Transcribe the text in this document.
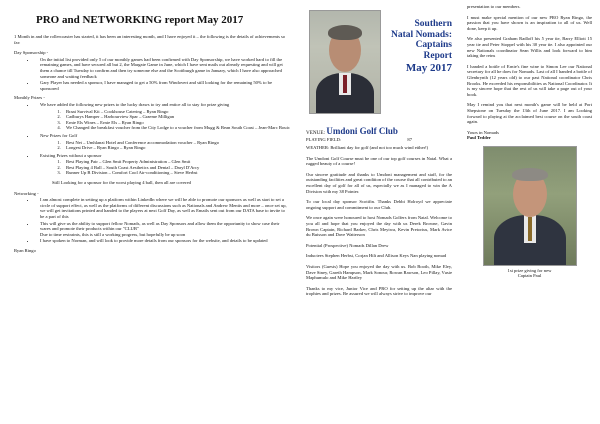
PRO and NETWORKING report May 2017

1 Month in and the rollercoaster has started, it has been an interesting month, and I have enjoyed it – the following is the details of achievements so far:

Day Sponsorship -

• On the initial list provided only 5 of our monthly games had been confirmed with Day Sponsorship, we have worked hard to fill the remaining games, and have secured all but 2, the Margate Game in June, which I have sent mails out already requesting and will get them a chance till Tuesday to confirm and then try someone else and the Scottburgh game in January, which I have also approached someone and waiting feedback
• Gary Player has needed a sponsor, I have managed to get a 50% from Windovert and still looking for the remaining 50% to be sponsored

Monthly Prizes -

• We have added the following new prizes to the lucky draws to try and entice all to stay for prize giving
1. Braai Survival Kit – Cookhouse Catering – Ryan Ringo
2. Cadburys Hamper – Harbourview Spar – Graeme Milligan
3. Ernie Els Wines – Ernie Els – Ryan Ringo
4. We Changed the breakfast voucher from the City Lodge to a voucher from Mugg & Bean South Coast – Jean-Marc Bouic
• New Prizes for Golf
1. Best Net – Umhlanzi Hotel and Conference accommodation voucher – Ryan Ringo
2. Longest Drive – Ryan Ringo – Ryan Ringo
• Existing Prizes without a sponsor
1. Best Playing Pair – Glen Smit Property Administration – Glen Smit
2. Best Playing 4 Ball – South Coast Aesthetics and Dental – Daryl D'Arcy
3. Runner Up B Division – Comfort Cool Air-conditioning – Steve Herbst

Still Looking for a sponsor for the worst playing 4 ball, then all are covered

Networking -

• I am almost complete in setting up a platform within LinkedIn where we will be able to promote our sponsors as well as start to set a circle of support effect, as well as the platforms of different discussions such as Nationals and Andrew Mentis and more – once set up, we will get invitations printed and handed to the players at next Golf Day, as well as Emails sent out from our DATA base to invite to be a part of this
• This will give us the ability to support fellow Nomads, as well as Day Sponsors and allow them the opportunity to show case their wares and promote their products within our "CLUB"
Due to time restraints, this is still a working progress, but hopefully be up soon
• I have spoken to Norman, and will look to provide more details from our sponsors for the website, and details to be updated

Ryan Ringo

Southern
Natal Nomads:
Captains
Report
May 2017
VENUE: Umdoni Golf Club
PLAYING FIELD:	87

WEATHER: Brilliant day for golf (and not too much wind either!)

The Umdoni Golf Course must be one of our top golf courses in Natal. What a rugged beauty of a course!

Our sincere gratitude and thanks to Umdoni management and staff, for the outstanding facilities and great condition of the course that all contributed to an excellent day of golf for all of us, especially we as I managed to win the A Division with my 38 Pointer.

To our local day sponsor Scottfin. Thanks Debbi Holroyd we appreciate ongoing support and commitment to our Club.

We once again were honoured to host Nomads Golfers from Natal. Welcome to you all and hope that you enjoyed the day with us Derek Browne, Gavin Brown Captain, Richard Barker, Chris Meyiwa, Kevin Pretorius, Mark Avice du Buisson and Dave Watterson

Potential (Prospective) Nomads Dillan Drew

Inductees Stephen Herbst, Corjan Hilt and Allison Keys Nan playing nomad

Visitors (Guests) Hope you enjoyed the day with us. Bob Booth, Mike Eley, Dave Siney, Gareth Hampson, Mark Sonour, Rowan Rawson, Leo Pillay, Vusie Maphumulo and Mike Hartley

Thanks to my vice, Junior Vice and PRO for setting up the altar with the trophies and prizes. Be assured we will always strive to improve our

presentation to our members.

I must make special mention of our new PRO Ryan Ringo, the passion that you have shown is an inspiration to all of us. Well done, keep it up.

We also presented Graham Radloff his 5 year tie, Barry Elliott 15 year tie and Peter Stoppel with his 30 year tie. I also appointed our new Nationals coordinator Sean Willis and look forward to him taking the reins

I handed a bottle of Ernie's fine wine to Simon Lee our National secretary for all he does for Nomads. Last of all I handed a bottle of Glenbrynth (12 years old) to our past National coordinator Chris Brooks. He exceeded his responsibilities as National Coordinator. It is my sincere hope that the rest of us will take a page out of your book.

May I remind you that next month's game will be held at Port Shepstone on Tuesday the 13th of June 2017. I am Looking forward to playing at the acclaimed best course on the south coast again.

Yours in Nomads

Paul Tedder

1st prize giving for new

Captain Paul
